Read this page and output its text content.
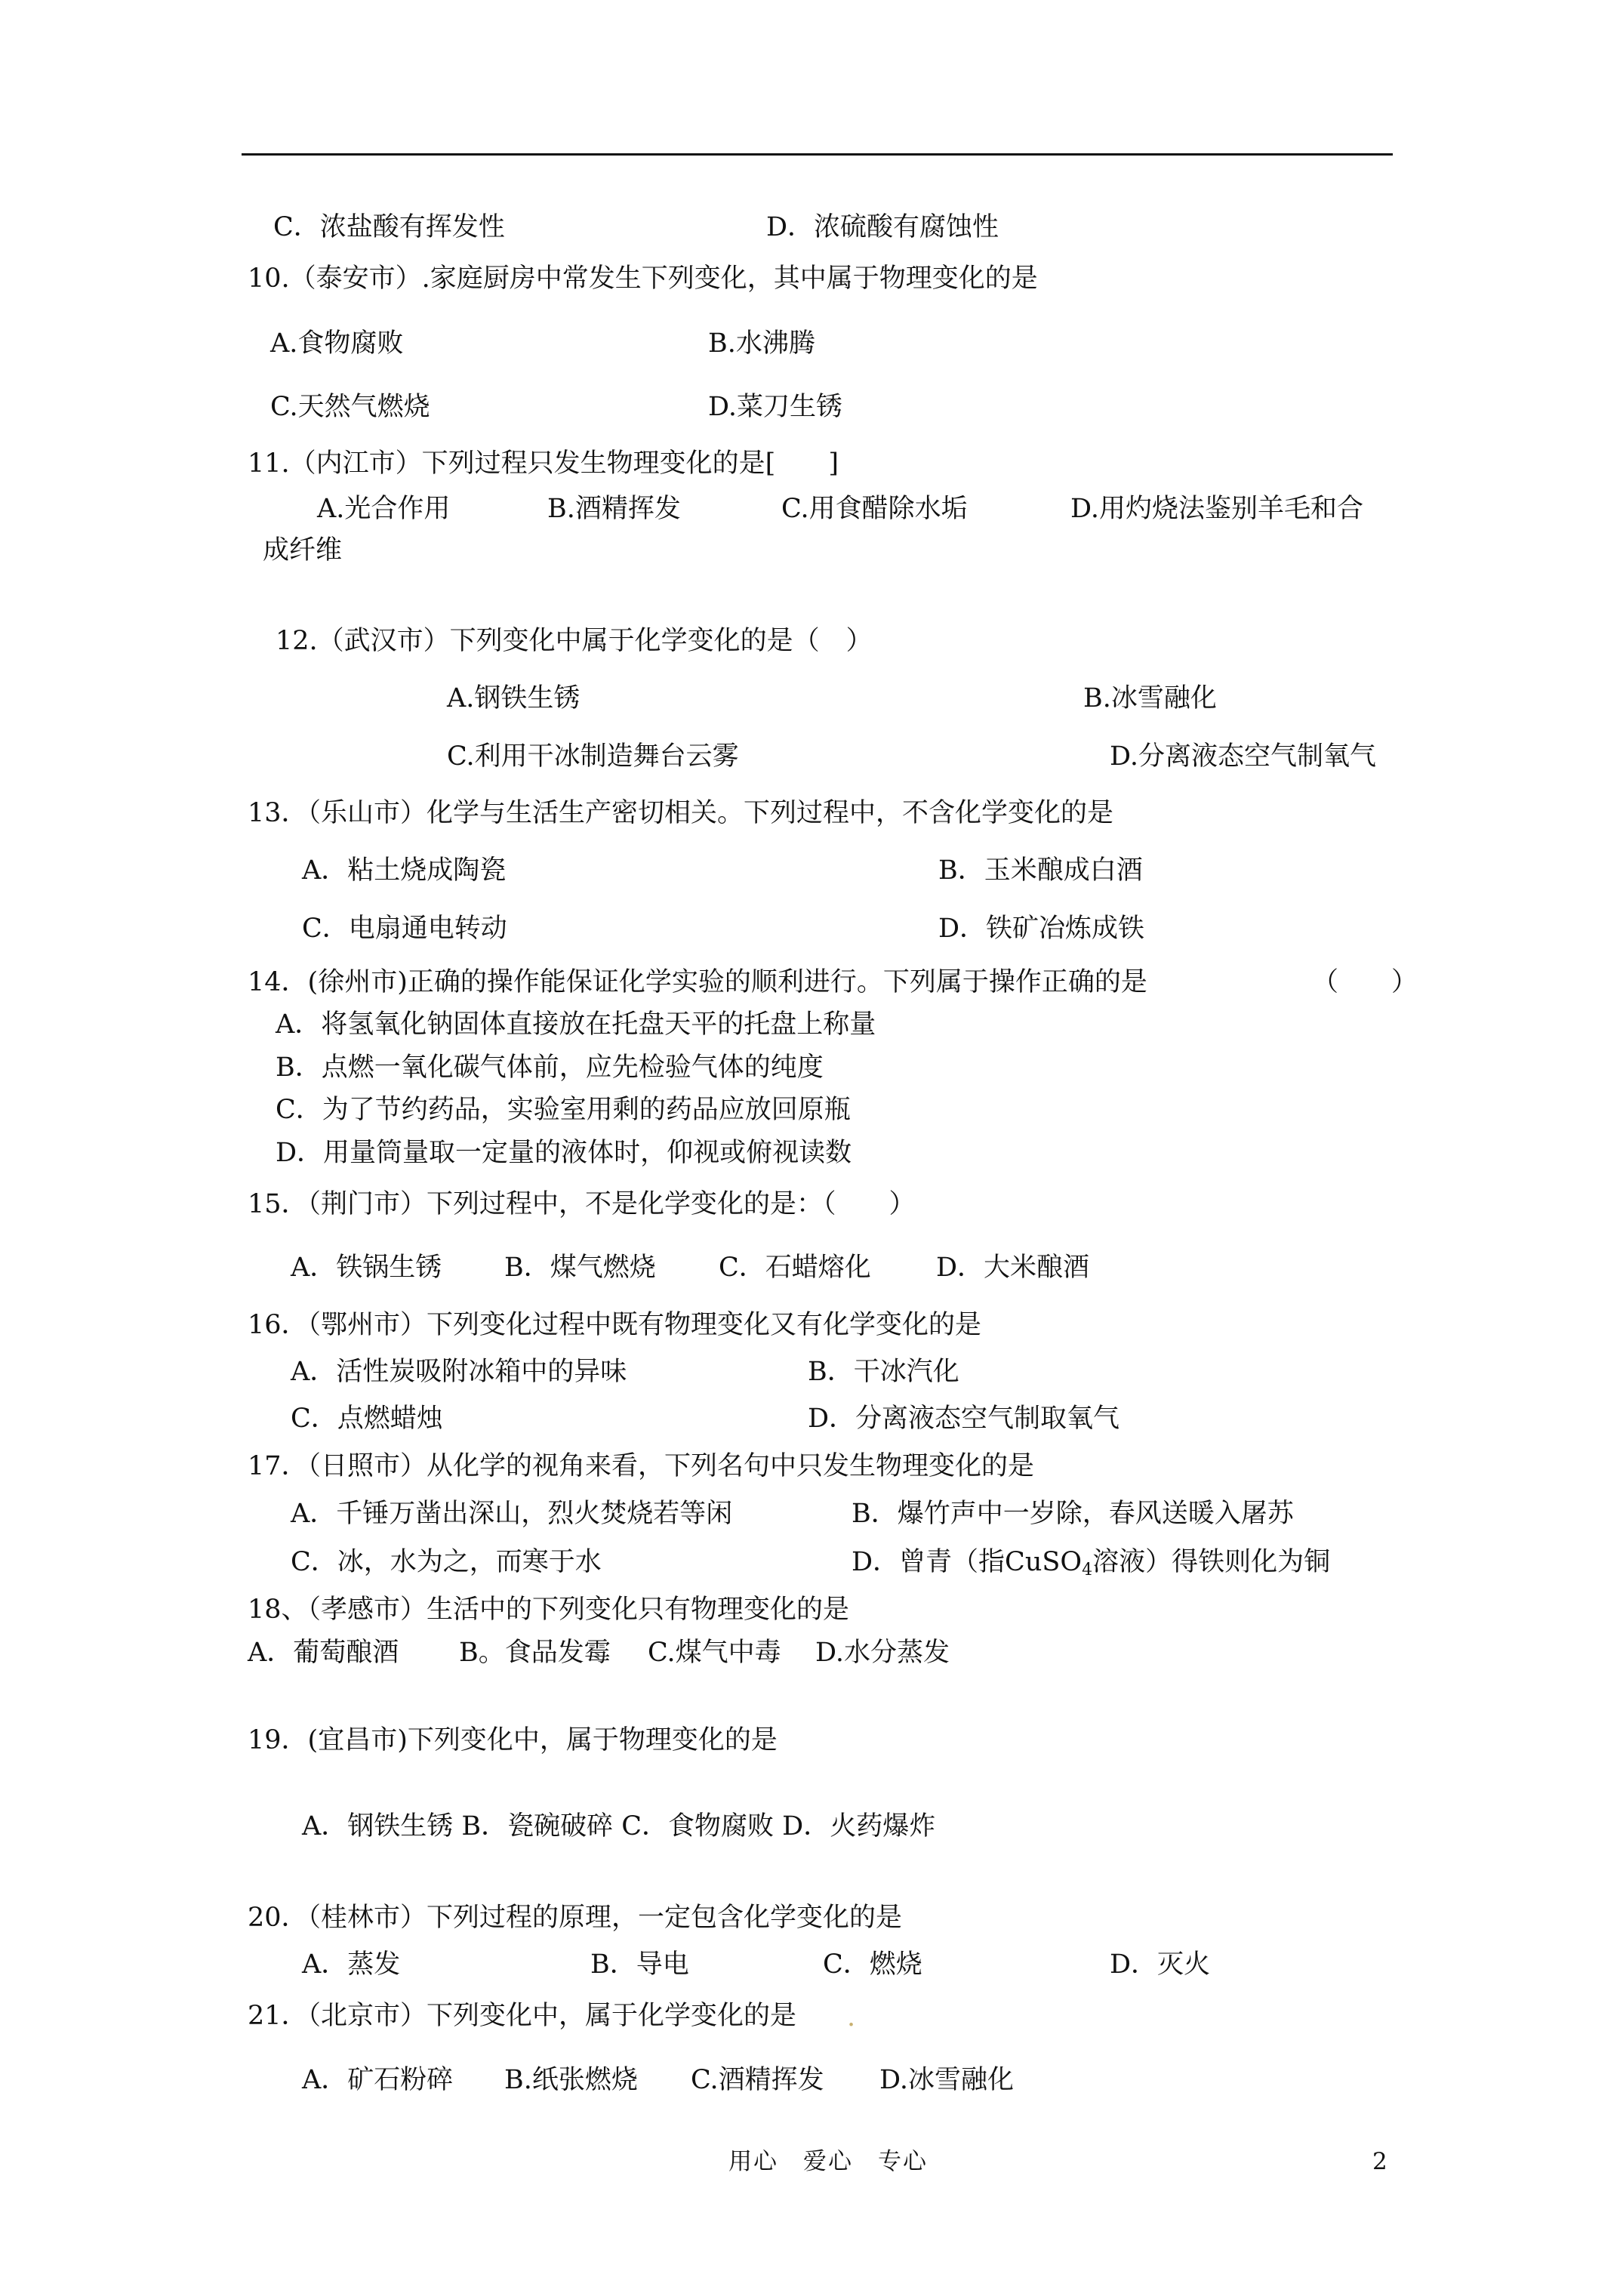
C．浓盐酸有挥发性	D．浓硫酸有腐蚀性
10.（泰安市）.家庭厨房中常发生下列变化，其中属于物理变化的是
A.食物腐败	B.水沸腾
C.天然气燃烧	D.菜刀生锈
11.（内江市）下列过程只发生物理变化的是[　　]
A.光合作用	B.酒精挥发	C.用食醋除水垢	D.用灼烧法鉴别羊毛和合
成纤维
12.（武汉市）下列变化中属于化学变化的是（　）
A.钢铁生锈	B.冰雪融化
C.利用干冰制造舞台云雾	D.分离液态空气制氧气
13．（乐山市）化学与生活生产密切相关。下列过程中，不含化学变化的是
A．粘土烧成陶瓷	B．玉米酿成白酒
C．电扇通电转动	D．铁矿冶炼成铁
14．(徐州市)正确的操作能保证化学实验的顺利进行。下列属于操作正确的是	（　　）
A．将氢氧化钠固体直接放在托盘天平的托盘上称量
B．点燃一氧化碳气体前，应先检验气体的纯度
C．为了节约药品，实验室用剩的药品应放回原瓶
D．用量筒量取一定量的液体时，仰视或俯视读数
15．（荆门市）下列过程中，不是化学变化的是：（　　）
A．铁锅生锈 B．煤气燃烧 C．石蜡熔化 D．大米酿酒
16．（鄂州市）下列变化过程中既有物理变化又有化学变化的是
A．活性炭吸附冰箱中的异味	B．干冰汽化
C．点燃蜡烛	D．分离液态空气制取氧气
17．（日照市）从化学的视角来看，下列名句中只发生物理变化的是
A．千锤万凿出深山，烈火焚烧若等闲	B．爆竹声中一岁除，春风送暖入屠苏
C．冰，水为之，而寒于水
18、（孝感市）生活中的下列变化只有物理变化的是
A．葡萄酿酒 B。食品发霉 C.煤气中毒 D.水分蒸发
19．(宜昌市)下列变化中，属于物理变化的是
A．钢铁生锈 B．瓷碗破碎 C．食物腐败 D．火药爆炸
20．（桂林市）下列过程的原理，一定包含化学变化的是
A．蒸发	B．导电	C．燃烧	D．灭火
21．（北京市）下列变化中，属于化学变化的是
A．矿石粉碎 B.纸张燃烧 C.酒精挥发 D.冰雪融化
D．曾青（指CuSO$_4$溶液）得铁则化为铜
.
用心　爱心　专心	2
